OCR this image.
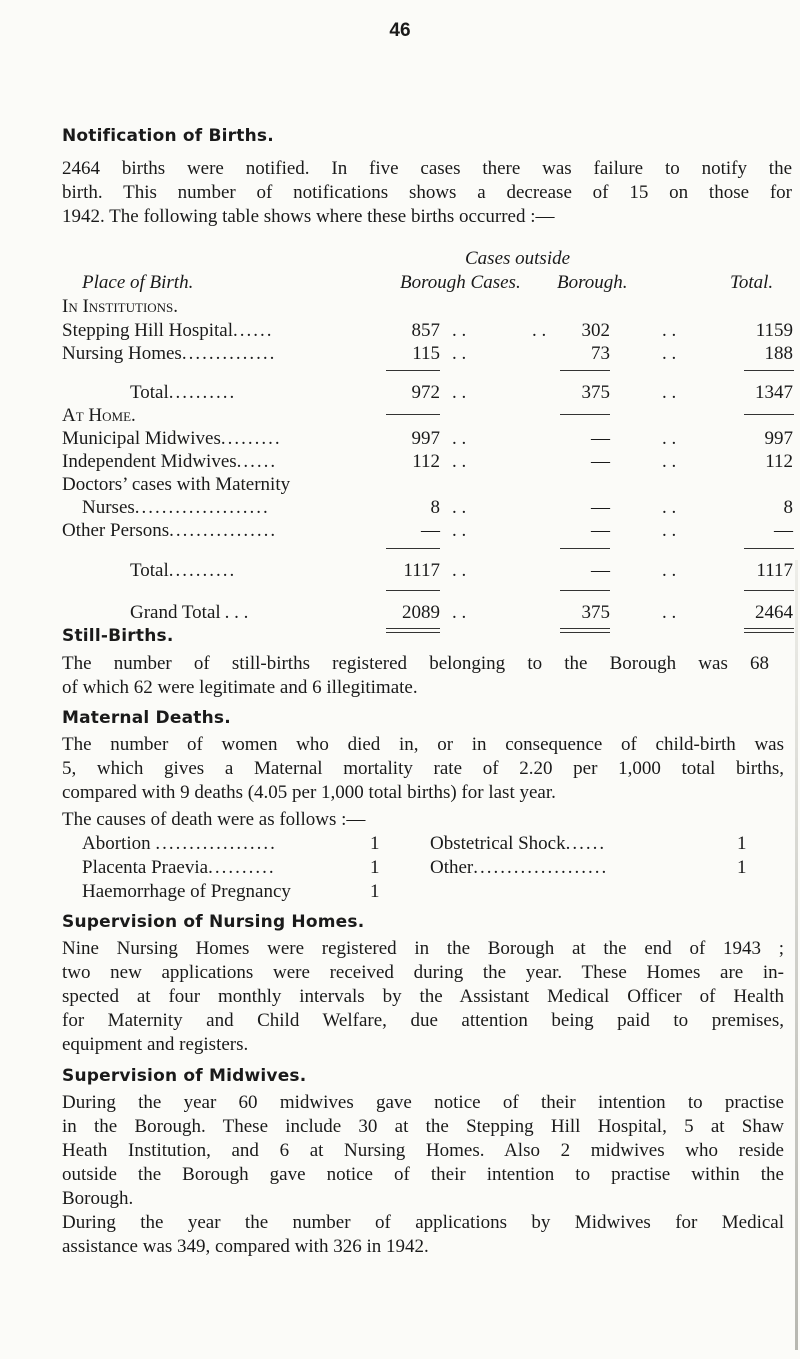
46
Notification of Births.
2464 births were notified. In five cases there was failure to notify the
birth. This number of notifications shows a decrease of 15 on those for
1942. The following table shows where these births occurred :—
Cases outside
Place of Birth.	Borough Cases. Borough.	Total.
In Institutions.
Stepping Hill Hospital......	857	. .	302	. .	1159
. .
Nursing Homes..............	115 . .	73	. .	188
Total..........	972 . .	375	. .	1347
At Home.
Municipal Midwives.........	997 . .	—	. .	997
Independent Midwives......	112 . .	—	. .	112
Doctors’ cases with Maternity
Nurses....................	8 . .	—	. .	8
Other Persons................	— . .	—	. .	—
Total..........	1117 . .	—	. .	1117
Grand Total . . .	2089 . .	375	. .	2464
Still-Births.
The number of still-births registered belonging to the Borough was 68
of which 62 were legitimate and 6 illegitimate.
Maternal Deaths.
The number of women who died in, or in consequence of child-birth was
5, which gives a Maternal mortality rate of 2.20 per 1,000 total births,
compared with 9 deaths (4.05 per 1,000 total births) for last year.
The causes of death were as follows :—
Abortion ..................	1
Placenta Praevia..........	1
Haemorrhage of Pregnancy	1
Obstetrical Shock......	1
Other....................	1
Supervision of Nursing Homes.
Nine Nursing Homes were registered in the Borough at the end of 1943 ;
two new applications were received during the year. These Homes are in-
spected at four monthly intervals by the Assistant Medical Officer of Health
for Maternity and Child Welfare, due attention being paid to premises,
equipment and registers.
Supervision of Midwives.
During the year 60 midwives gave notice of their intention to practise
in the Borough. These include 30 at the Stepping Hill Hospital, 5 at Shaw
Heath Institution, and 6 at Nursing Homes. Also 2 midwives who reside
outside the Borough gave notice of their intention to practise within the
Borough.
During the year the number of applications by Midwives for Medical
assistance was 349, compared with 326 in 1942.
